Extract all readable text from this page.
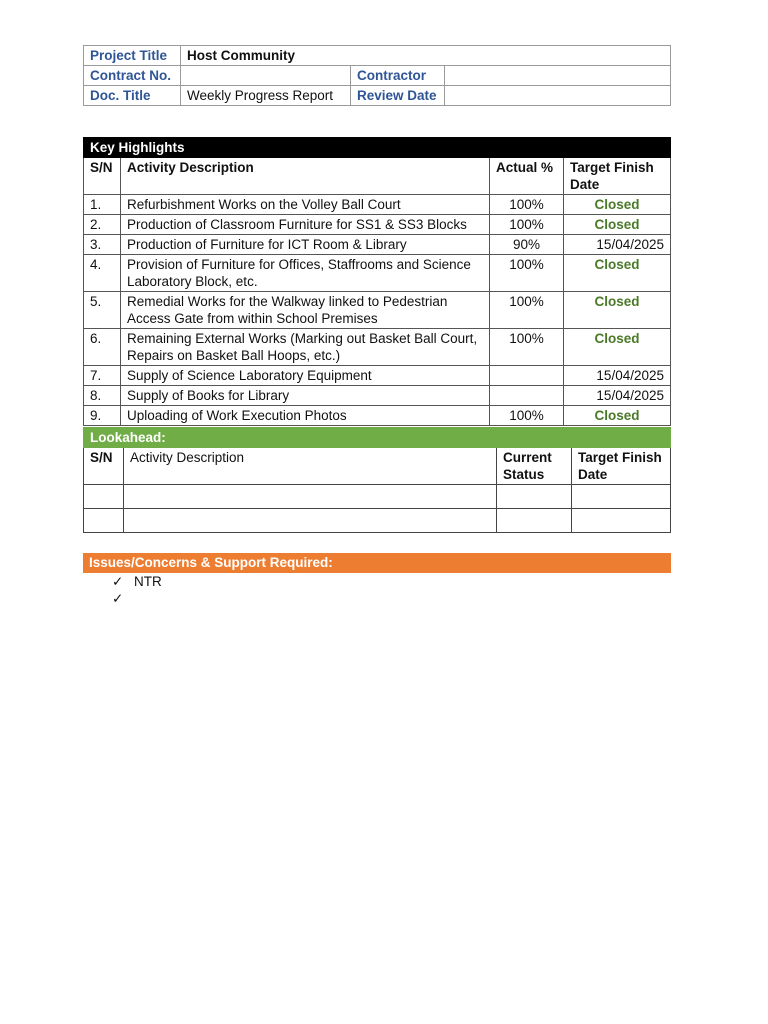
Project Title	Host Community		
Contract No.		Contractor	
Doc. Title	Weekly Progress Report	Review Date	
Key Highlights			
S/N	Activity Description	Actual %	Target Finish Date
1.	Refurbishment Works on the Volley Ball Court	100%	Closed
2.	Production of Classroom Furniture for SS1 & SS3 Blocks	100%	Closed
3.	Production of Furniture for ICT Room & Library	90%	15/04/2025
4.	Provision of Furniture for Offices, Staffrooms and Science Laboratory Block, etc.	100%	Closed
5.	Remedial Works for the Walkway linked to Pedestrian Access Gate from within School Premises	100%	Closed
6.	Remaining External Works (Marking out Basket Ball Court, Repairs on Basket Ball Hoops, etc.)	100%	Closed
7.	Supply of Science Laboratory Equipment		15/04/2025
8.	Supply of Books for Library		15/04/2025
9.	Uploading of Work Execution Photos	100%	Closed
Lookahead:			
S/N	Activity Description	Current Status	Target Finish Date

Issues/Concerns & Support Required:
✓ NTR
✓
